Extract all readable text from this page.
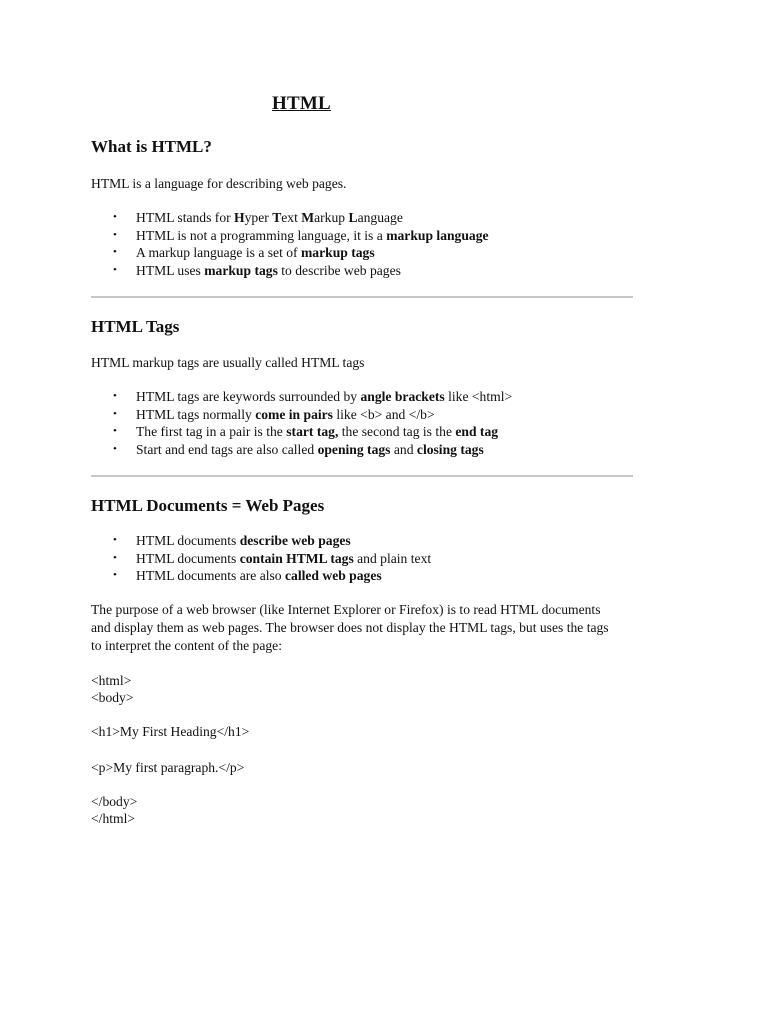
HTML
What is HTML?

HTML is a language for describing web pages.

• HTML stands for Hyper Text Markup Language
• HTML is not a programming language, it is a markup language
• A markup language is a set of markup tags
• HTML uses markup tags to describe web pages
HTML Tags

HTML markup tags are usually called HTML tags

• HTML tags are keywords surrounded by angle brackets like <html>
• HTML tags normally come in pairs like <b> and </b>
• The first tag in a pair is the start tag, the second tag is the end tag
• Start and end tags are also called opening tags and closing tags
HTML Documents = Web Pages
• HTML documents describe web pages
• HTML documents contain HTML tags and plain text
• HTML documents are also called web pages

The purpose of a web browser (like Internet Explorer or Firefox) is to read HTML documents

and display them as web pages. The browser does not display the HTML tags, but uses the tags

to interpret the content of the page:

<html>
<body>
<h1>My First Heading</h1>
<p>My first paragraph.</p>
</body>
</html>
